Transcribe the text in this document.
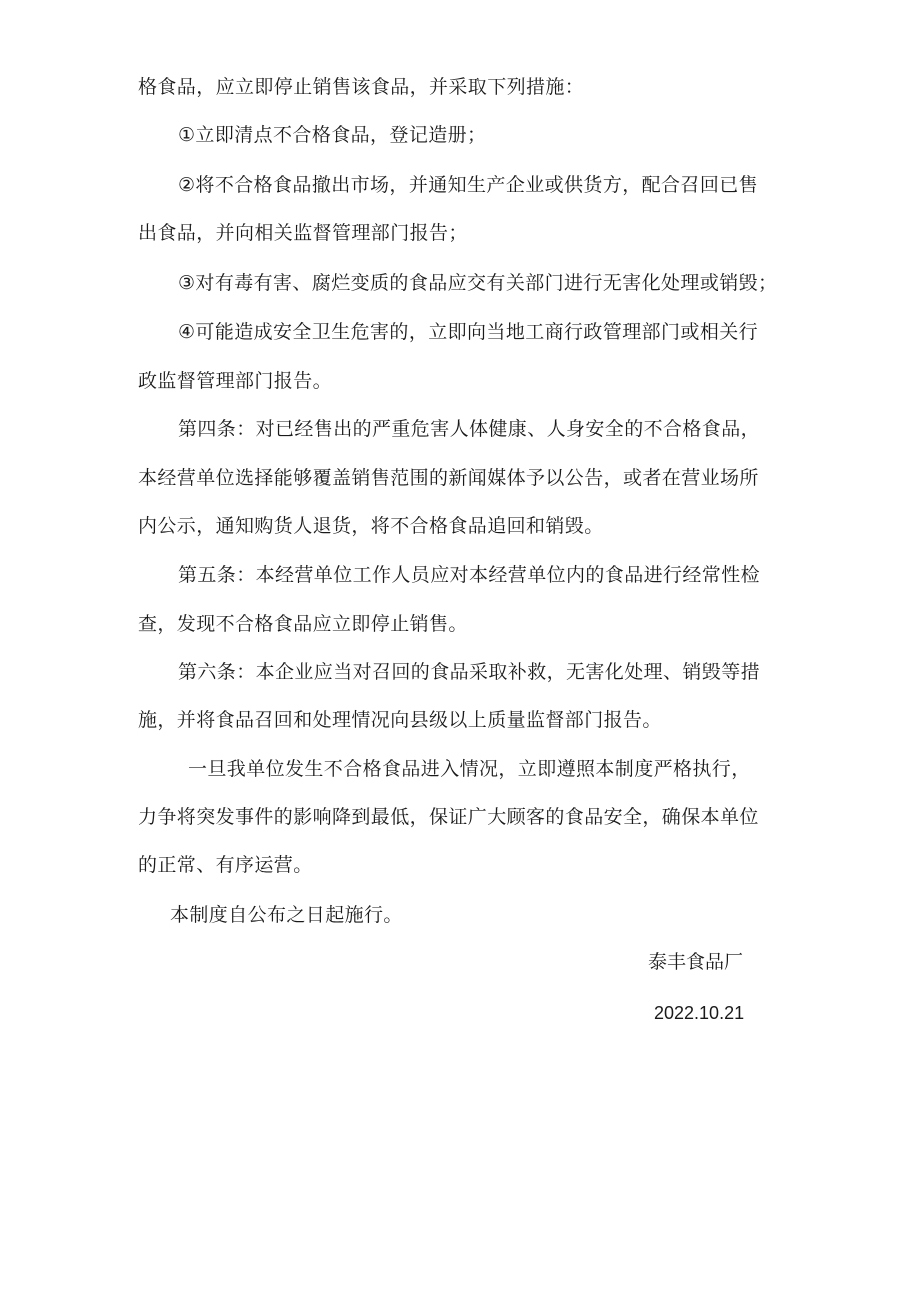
格食品，应立即停止销售该食品，并采取下列措施：
①立即清点不合格食品，登记造册；
②将不合格食品撤出市场，并通知生产企业或供货方，配合召回已售
出食品，并向相关监督管理部门报告；
③对有毒有害、腐烂变质的食品应交有关部门进行无害化处理或销毁；
④可能造成安全卫生危害的，立即向当地工商行政管理部门或相关行
政监督管理部门报告。
第四条：对已经售出的严重危害人体健康、人身安全的不合格食品，
本经营单位选择能够覆盖销售范围的新闻媒体予以公告，或者在营业场所
内公示，通知购货人退货，将不合格食品追回和销毁。
第五条：本经营单位工作人员应对本经营单位内的食品进行经常性检
查，发现不合格食品应立即停止销售。
第六条：本企业应当对召回的食品采取补救，无害化处理、销毁等措
施，并将食品召回和处理情况向县级以上质量监督部门报告。
一旦我单位发生不合格食品进入情况，立即遵照本制度严格执行，
力争将突发事件的影响降到最低，保证广大顾客的食品安全，确保本单位
的正常、有序运营。
本制度自公布之日起施行。
泰丰食品厂
2022.10.21
